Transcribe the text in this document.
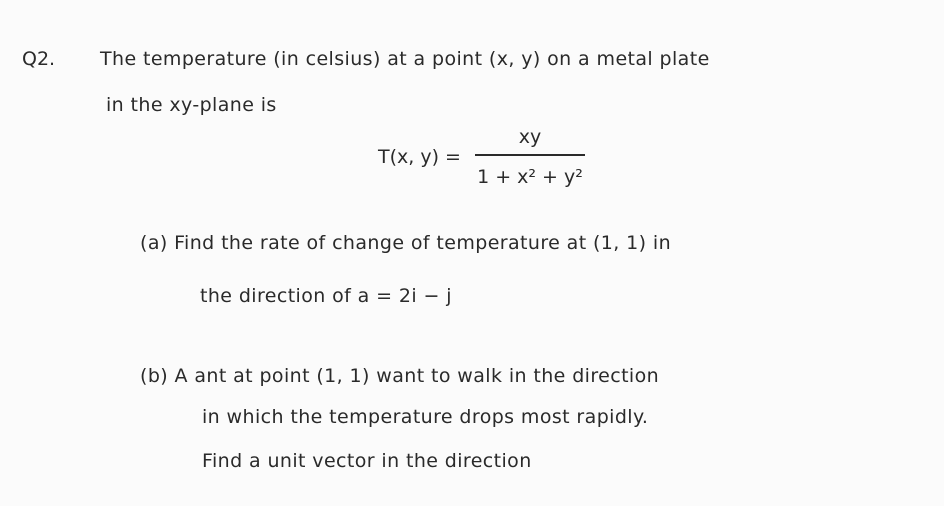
Q2. The temperature (in celsius) at a point (x, y) on a metal plate
in the xy-plane is
T(x, $y) = \frac{xy}{\text{1 + x² + y²}}$
(a) Find the rate of change of temperature at (1, 1) in
the direction of a = 2i − j
(b) A ant at point (1, 1) want to walk in the direction
in which the temperature drops most rapidly.
Find a unit vector in the direction
